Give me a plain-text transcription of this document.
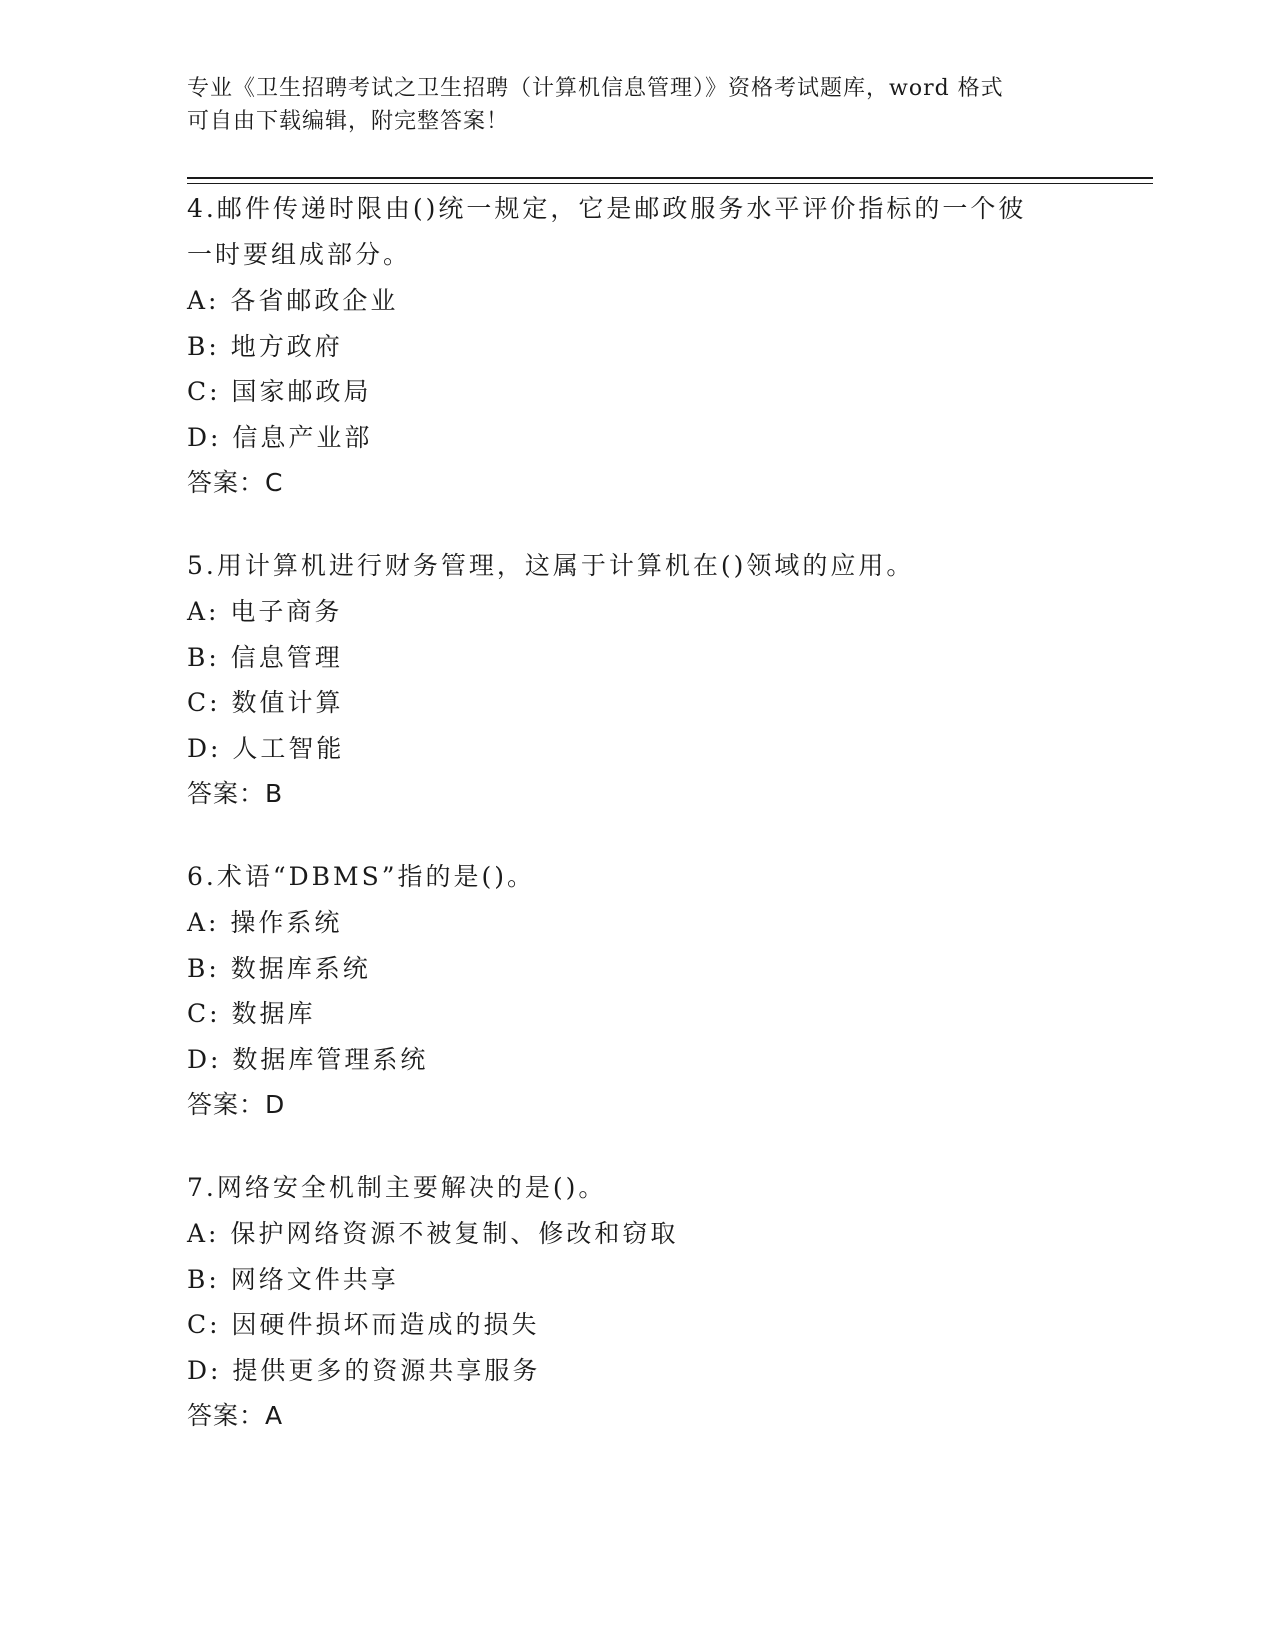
专业《卫生招聘考试之卫生招聘（计算机信息管理）》资格考试题库，word 格式
可自由下载编辑，附完整答案！
4.邮件传递时限由()统一规定，它是邮政服务水平评价指标的一个彼
一时要组成部分。
A: 各省邮政企业
B: 地方政府
C: 国家邮政局
D: 信息产业部
答案：C
5.用计算机进行财务管理，这属于计算机在()领域的应用。
A: 电子商务
B: 信息管理
C: 数值计算
D: 人工智能
答案：B
6.术语“DBMS”指的是()。
A: 操作系统
B: 数据库系统
C: 数据库
D: 数据库管理系统
答案：D
7.网络安全机制主要解决的是()。
A: 保护网络资源不被复制、修改和窃取
B: 网络文件共享
C: 因硬件损坏而造成的损失
D: 提供更多的资源共享服务
答案：A
